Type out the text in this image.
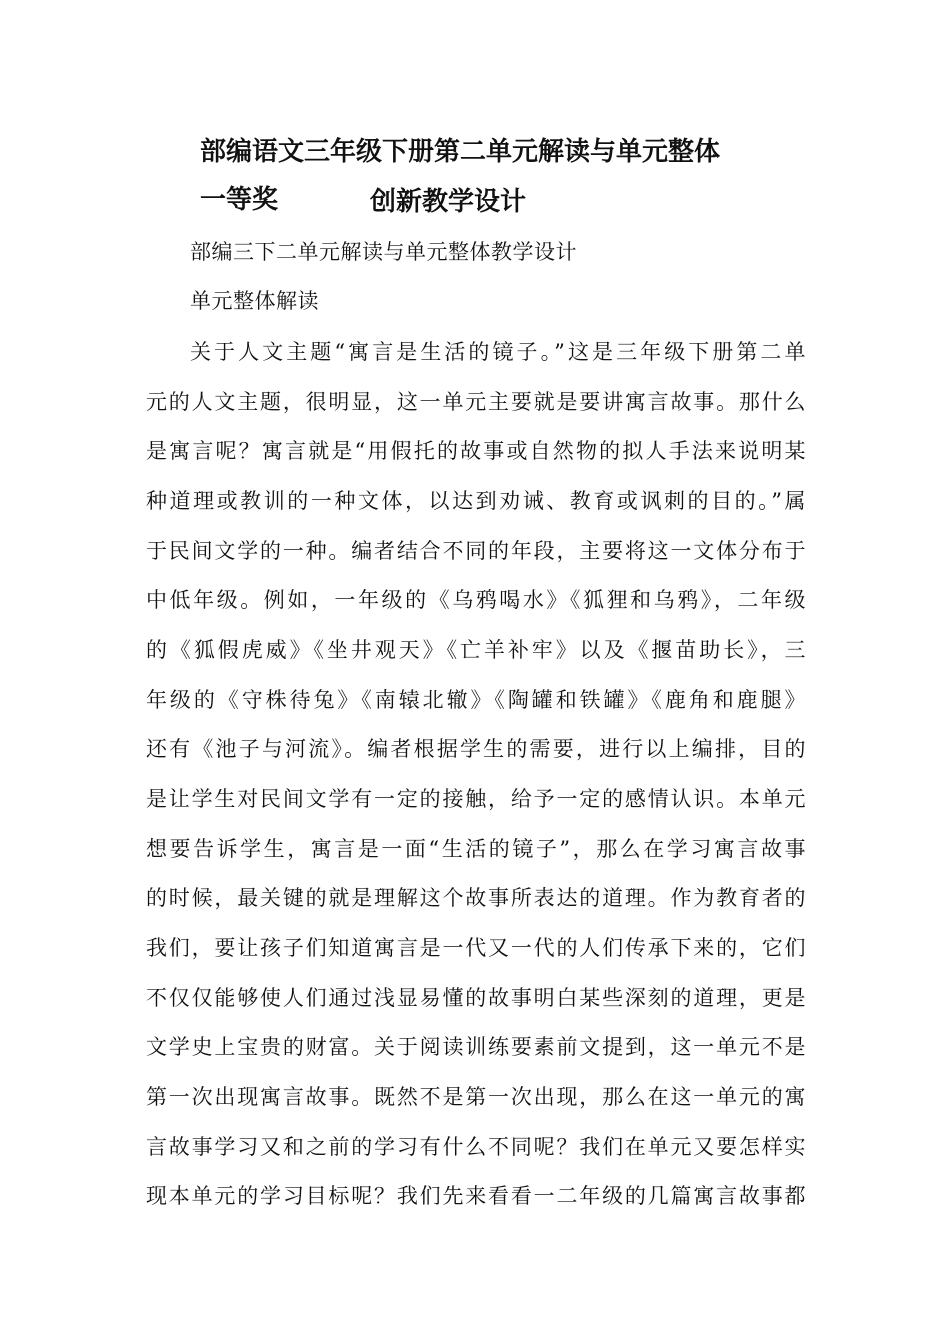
部编语文三年级下册第二单元解读与单元整体 一等奖	创新教学设计

部编三下二单元解读与单元整体教学设计

单元整体解读

关于人文主题“寓言是生活的镜子。”这是三年级下册第二单

元的人文主题，很明显，这一单元主要就是要讲寓言故事。那什么

是寓言呢？寓言就是“用假托的故事或自然物的拟人手法来说明某

种道理或教训的一种文体，以达到劝诫、教育或讽刺的目的。”属

于民间文学的一种。编者结合不同的年段，主要将这一文体分布于

中低年级。例如，一年级的《乌鸦喝水》《狐狸和乌鸦》，二年级

的《狐假虎威》《坐井观天》《亡羊补牢》以及《揠苗助长》，三

年级的《守株待兔》《南辕北辙》《陶罐和铁罐》《鹿角和鹿腿》

还有《池子与河流》。编者根据学生的需要，进行以上编排，目的

是让学生对民间文学有一定的接触，给予一定的感情认识。本单元

想要告诉学生，寓言是一面“生活的镜子”，那么在学习寓言故事

的时候，最关键的就是理解这个故事所表达的道理。作为教育者的

我们，要让孩子们知道寓言是一代又一代的人们传承下来的，它们

不仅仅能够使人们通过浅显易懂的故事明白某些深刻的道理，更是

文学史上宝贵的财富。关于阅读训练要素前文提到，这一单元不是

第一次出现寓言故事。既然不是第一次出现，那么在这一单元的寓

言故事学习又和之前的学习有什么不同呢？我们在单元又要怎样实

现本单元的学习目标呢？我们先来看看一二年级的几篇寓言故事都
